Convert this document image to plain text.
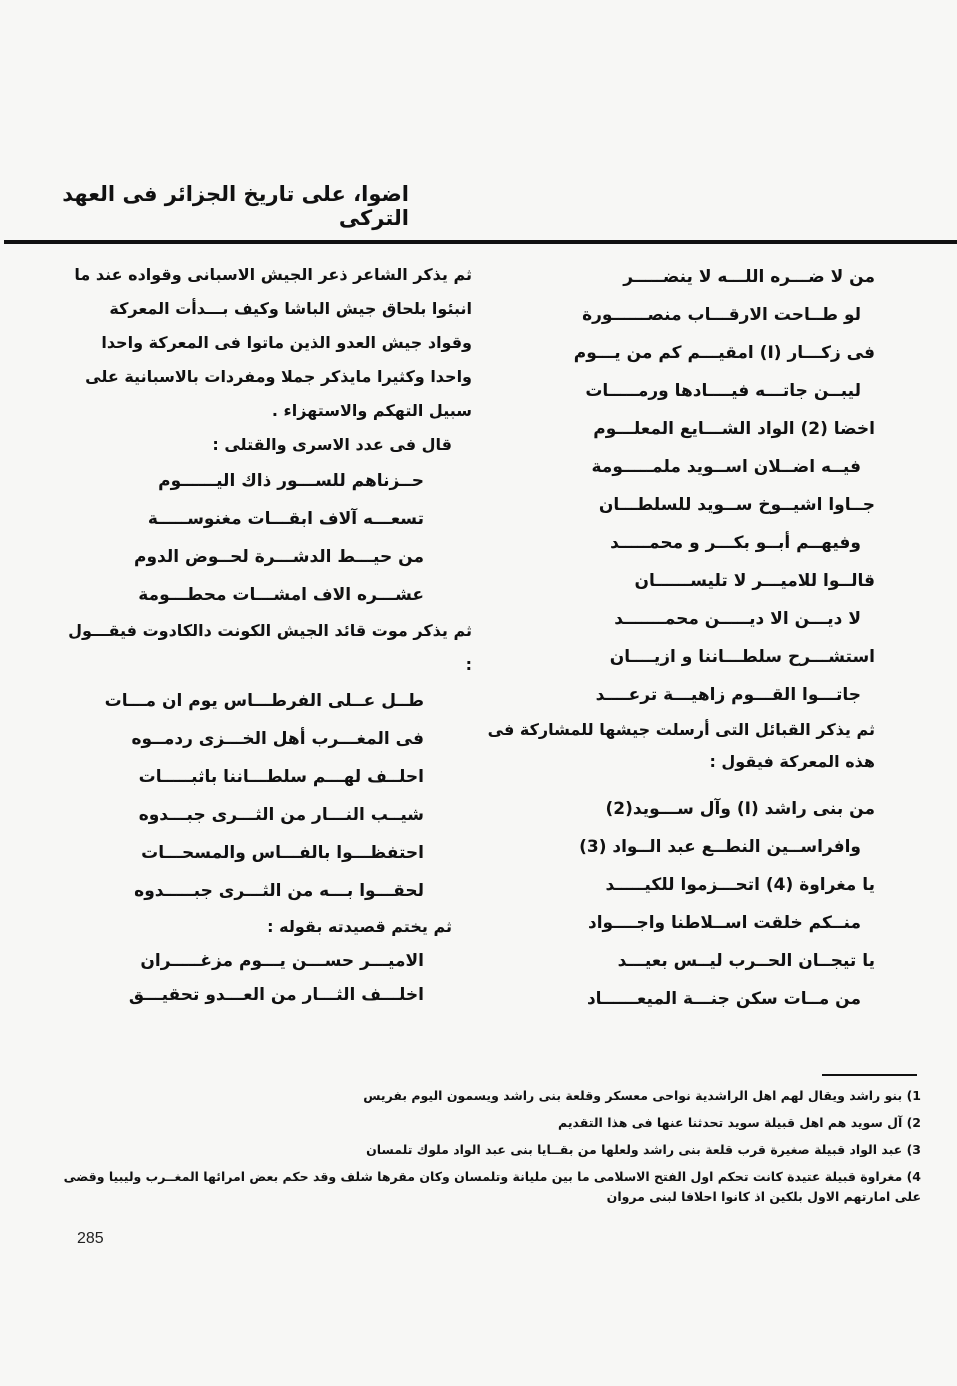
اضوا، على تاريخ الجزائر فى العهد التركى
من لا ضـــره اللـــه لا ينضـــــر
لو طــاحت الارقـــاب منصــــــورة
فى زكـــار (I) امقيـــم كم من يـــوم
ليبــن جاتـــه فيــــادها ورمـــــات
اخضا (2) الواد الشـــايع المعلـــوم
فيــه اضــلان اســويد ملمـــــومة
جــاوا اشيــوخ ســويد للسلطـــان
وفيهــم أبــو بكـــر و محمـــــد
قالــوا للاميـــر لا تليســــــان
لا ديـــن الا ديـــــن محمـــــــد
استشـــرح سلطـــاننا و ازيــــان
جاتـــوا القـــوم زاهيـــة ترعــــد
ثم يذكر القبائل التى أرسلت جيشها للمشاركة فى هذه المعركة فيقول :
من بنى راشد (I) وآل ســـويد(2)
وافراســين النطــع عبد الــواد (3)
يا مغراوة (4) اتحـــزموا للكيـــــد
منــكم خلقت اســلاطنا واجــــواد
يا تيجــان الحــرب ليــس بعيـــد
من مــات سكن جنـــة الميعــــــاد
ثم يذكر الشاعر ذعر الجيش الاسبانى وقواده عند ما انبئوا بلحاق جيش الباشا وكيف بـــدأت المعركة وقواد جيش العدو الذين ماتوا فى المعركة واحدا واحدا وكثيرا مايذكر جملا ومفردات بالاسبانية على سبيل التهكم والاستهزاء .
قال فى عدد الاسرى والقتلى :
حــزناهم للســـور ذاك اليــــــوم
تسعـــه آلاف ابقـــات مغنوســـــة
من حيـــط الدشـــرة لحــوض الدوم
عشـــره الاف امشـــات محطـــومة
ثم يذكر موت قائد الجيش الكونت دالكادوت فيقـــول :
طــل عــلى الفرطـــاس يوم ان مـــات
فى المغـــرب أهل الخـــزى ردمــوه
احلــف لهـــم سلطـــاننا باثبـــــات
شيــب النـــار من الثـــرى جبـــدوه
احتفظـــوا بالفـــاس والمسحـــات
لحقـــوا بـــه من الثـــرى جبـــــدوه
ثم يختم قصيدته بقوله :
الاميـــر حســـن يـــوم مزغـــــران
اخلـــف الثـــار من العـــدو تحقيـــق
1) بنو راشد ويقال لهم اهل الراشدية نواحى معسكر وقلعة بنى راشد ويسمون اليوم بفريس
2) آل سويد هم اهل قبيلة سويد تحدثنا عنها فى هذا التقديم
3) عبد الواد قبيلة صغيرة قرب قلعة بنى راشد ولعلها من بقــايا بنى عبد الواد ملوك تلمسان
4) مغراوة قبيلة عتيدة كانت تحكم اول الفتح الاسلامى ما بين مليانة وتلمسان وكان مقرها شلف وقد حكم بعض امرائها المغــرب وليبيا وقضى على امارتهم الاول بلكين اذ كانوا احلافا لبنى مروان
285
